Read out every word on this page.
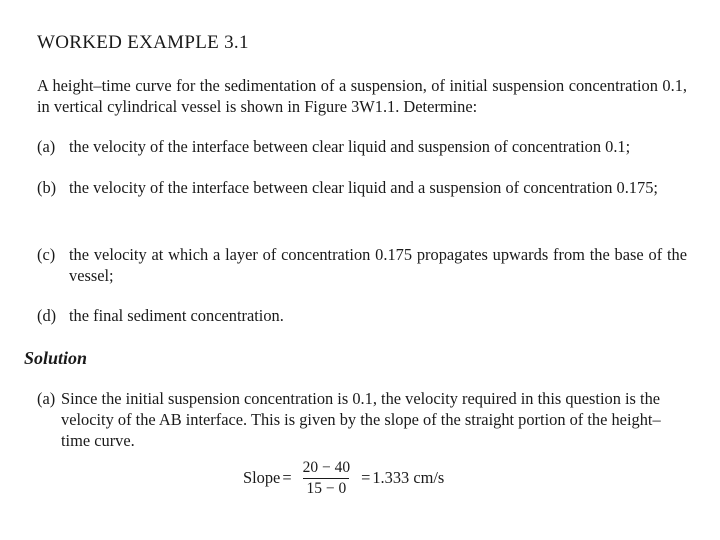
WORKED EXAMPLE 3.1

A height–time curve for the sedimentation of a suspension, of initial suspension concentration 0.1, in vertical cylindrical vessel is shown in Figure 3W1.1. Determine:

(a) the velocity of the interface between clear liquid and suspension of concentration 0.1;
(b) the velocity of the interface between clear liquid and a suspension of concentration 0.175;
(c) the velocity at which a layer of concentration 0.175 propagates upwards from the base of the vessel;
(d) the final sediment concentration.
Solution
(a) Since the initial suspension concentration is 0.1, the velocity required in this question is the velocity of the AB interface. This is given by the slope of the straight portion of the height–time curve.
Slope = $\frac{20 - 40}{15 - 0} = 1.333$ cm/s
